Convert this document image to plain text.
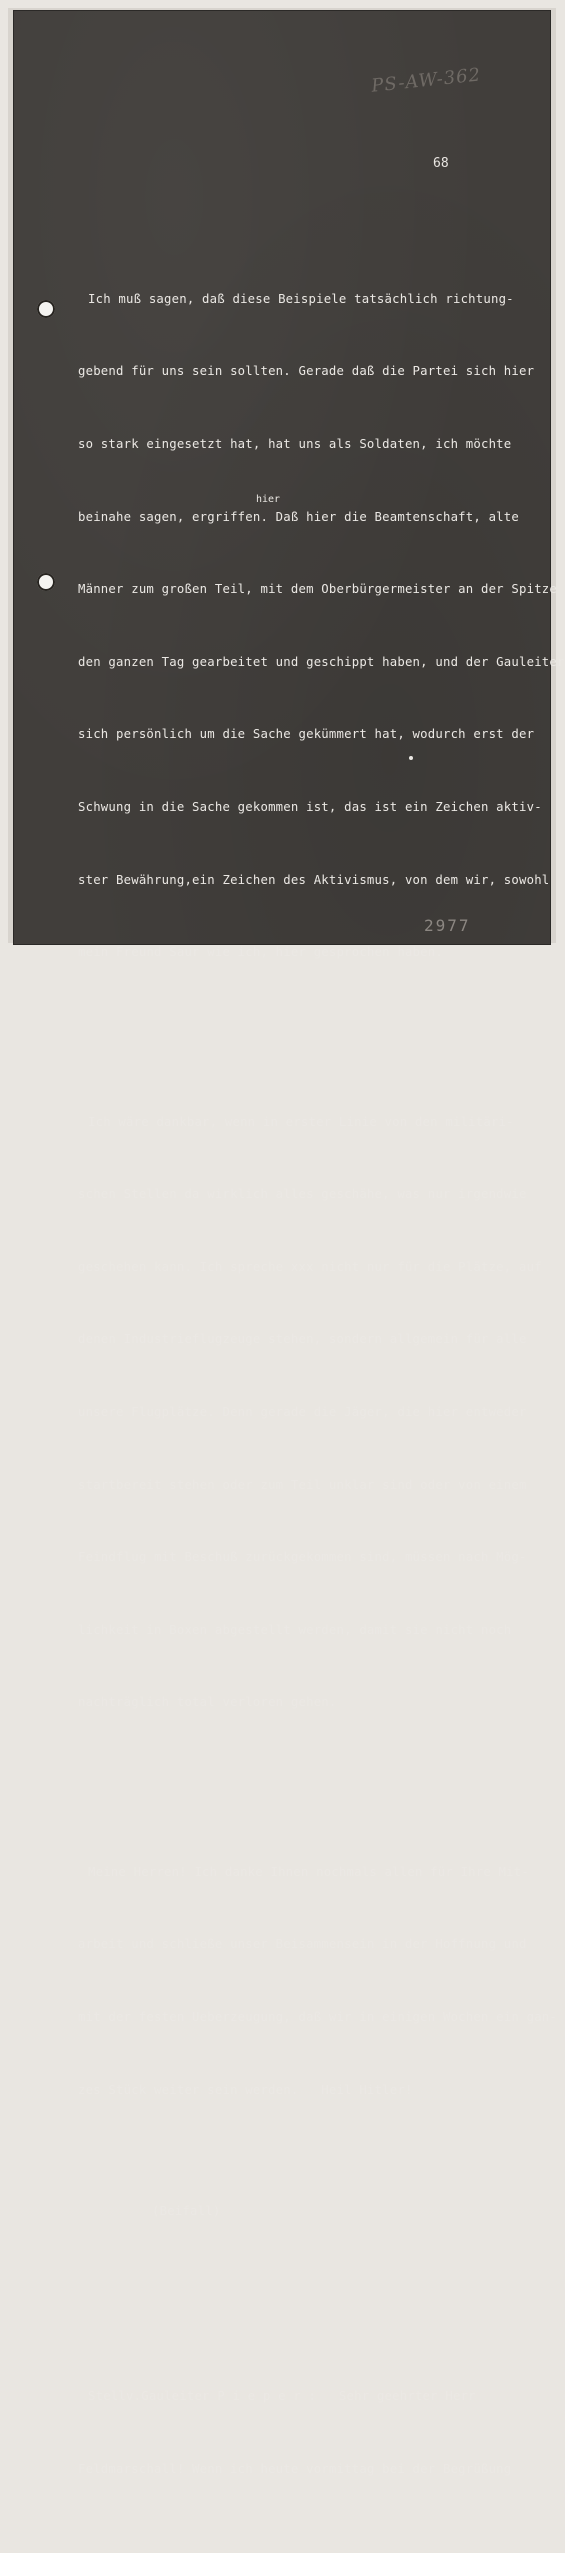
PS-AW-362
68
hier

Ich muß sagen, daß diese Beispiele tatsächlich richtung-

gebend für uns sein sollten. Gerade daß die Partei sich hier

so stark eingesetzt hat, hat uns als Soldaten, ich möchte

beinahe sagen, ergriffen. Daß hier die Beamtenschaft, alte

Männer zum großen Teil, mit dem Oberbürgermeister an der Spitze

den ganzen Tag gearbeitet und geschippt haben, und der Gauleiter

sich persönlich um die Sache gekümmert hat, wodurch erst der

Schwung in die Sache gekommen ist, das ist ein Zeichen aktiv-

ster Bewährung,ein Zeichen des Aktivismus, von dem wir, sowohl

mein Freund Saur wie ich, hier gesprochen haben.

Ich wäre dankbar, wenn in erster Linie von den militäri-

schen Stellen da wirklich alles geschähe, was nur irgendwie

geschehen kann. Ich spreche xxx nicht nur für die Plätze, auf

denen Industrieflugzeuge stehen, sondern allgemein für alle

unsere Flugplätze. Denn gerade die Jäger, die hier entweder

startbereit stehen oder zum Teil unklar sind oder von einem

Feindflug mit Beschuß zurückgekommen sind, müssen nach Mög-

lichkeit in Boxen abgestellt werden, damit sie nicht noch

nachträglich total verloren gehen.

Meine Herren! Ich danke Ihnen nochmals allen für Ihre Mit-

arbeit und schließe unser Beisammensein in der Hoffnung und

mit der festen Ueberzeugung, daß wir in einigen Wochen ein gan-

zes Stück weiter sein werden.   Heil Hitler!

(Beifall)

Stellv.Gauleiter P i e p e r :   Sehr geehrter Herr

Feldmarschall! Wenn ich heute vormittag bei der Begrüßung

2977
